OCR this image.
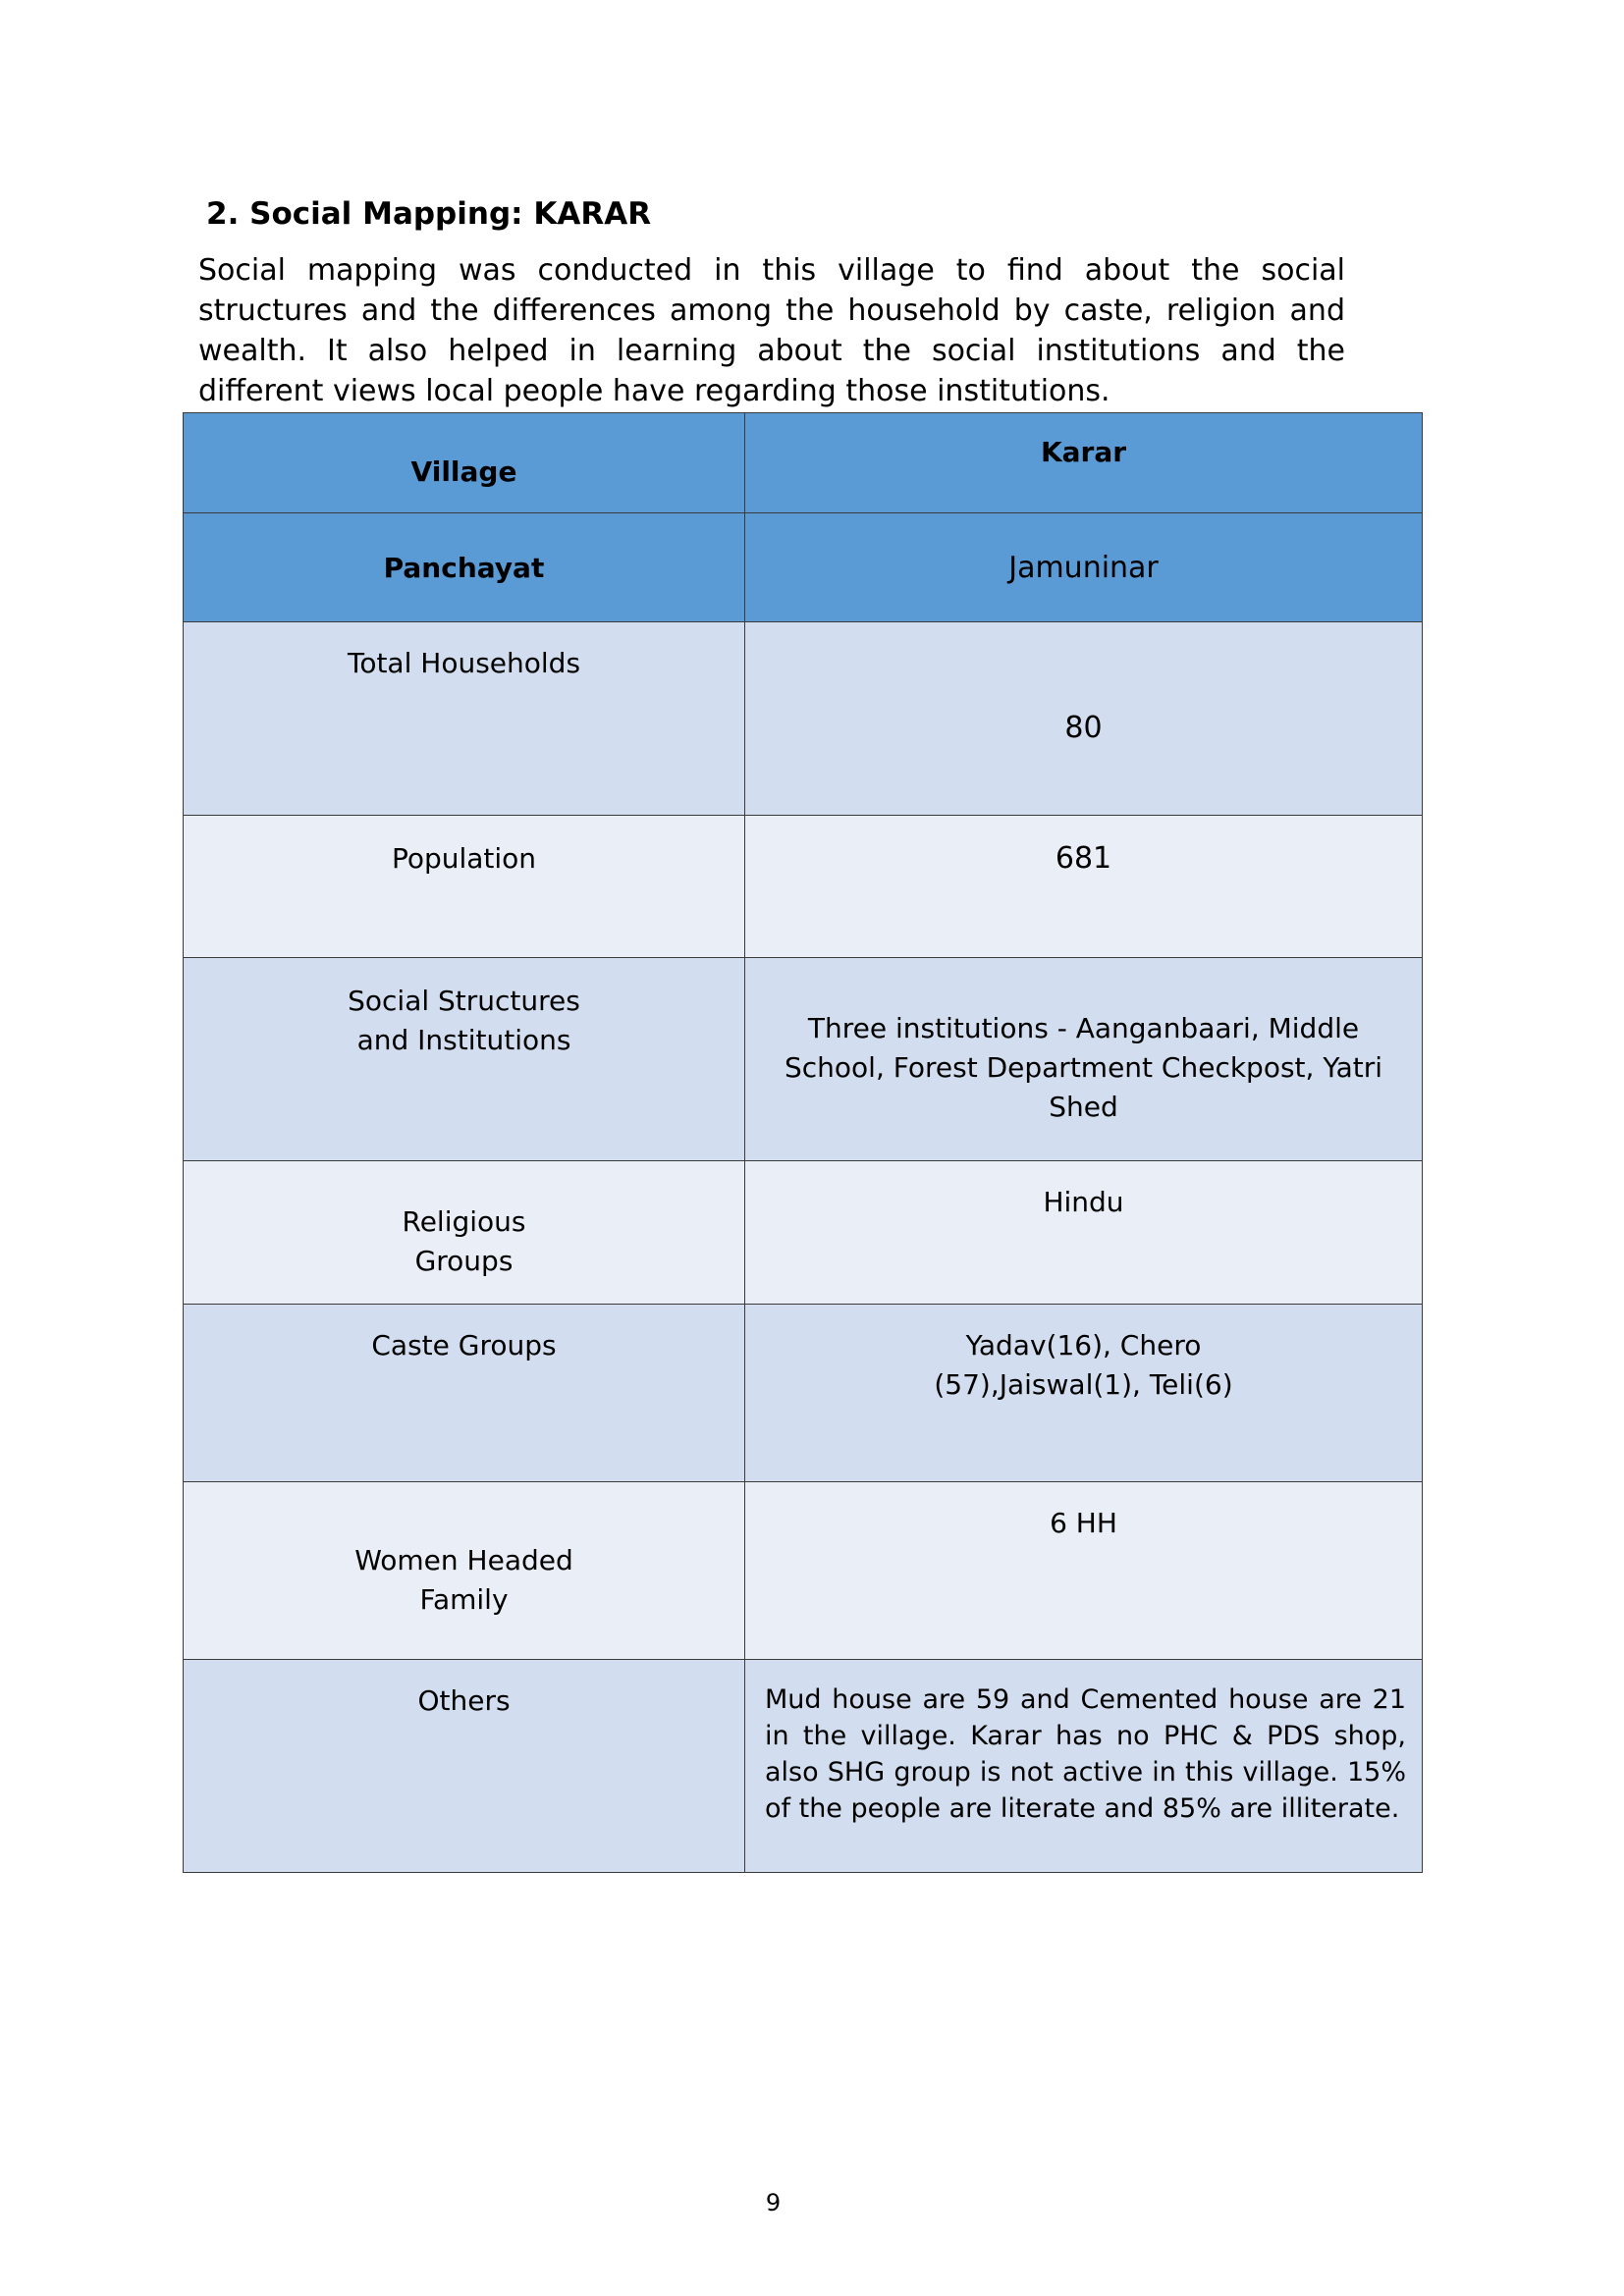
2. Social Mapping: KARAR

Social mapping was conducted in this village to find about the social structures and the differences among the household by caste, religion and wealth. It also helped in learning about the social institutions and the different views local people have regarding those institutions.

Village	Karar
Panchayat	Jamuninar
Total Households	80
Population	681
Social Structures and Institutions	Three institutions - Aanganbaari, Middle School, Forest Department Checkpost, Yatri Shed
Religious Groups	Hindu
Caste Groups	Yadav(16), Chero (57),Jaiswal(1), Teli(6)
Women Headed Family	6 HH
Others	Mud house are 59 and Cemented house are 21 in the village. Karar has no PHC & PDS shop, also SHG group is not active in this village. 15% of the people are literate and 85% are illiterate.

9
